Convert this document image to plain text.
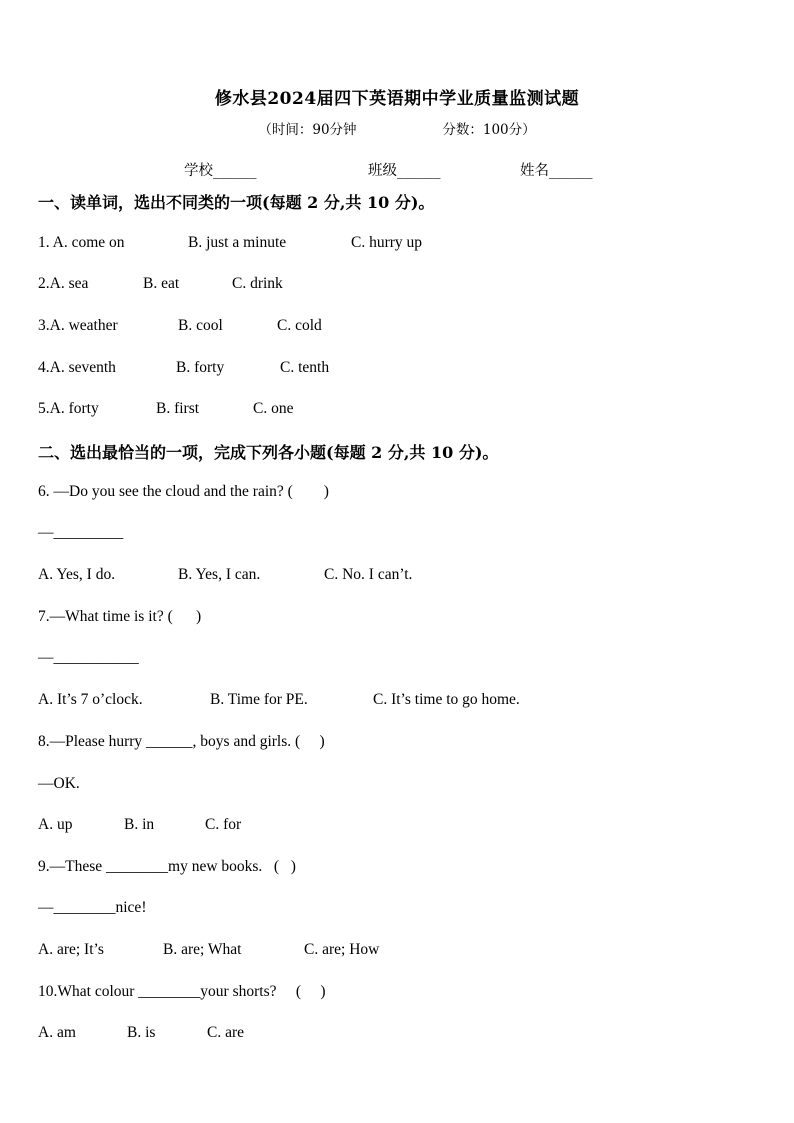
修水县2024届四下英语期中学业质量监测试题
（时间：90分钟                    分数：100分）
学校______	班级______	姓名______
一、读单词，选出不同类的一项(每题 2 分,共 10 分)。
1. A. come on	B. just a minute	C. hurry up
2.A. sea	B. eat	C. drink
3.A. weather	B. cool	C. cold
4.A. seventh	B. forty	C. tenth
5.A. forty	B. first	C. one
二、选出最恰当的一项，完成下列各小题(每题 2 分,共 10 分)。
6. —Do you see the cloud and the rain? (        )
—_________
A. Yes, I do.	B. Yes, I can.	C. No. I can’t.
7.—What time is it? (      )
—___________
A. It’s 7 o’clock.	B. Time for PE.	C. It’s time to go home.
8.—Please hurry ______, boys and girls. (     )
—OK.
A. up	B. in	C. for
9.—These ________my new books.   (   )
—________nice!
A. are; It’s	B. are; What	C. are; How
10.What colour ________your shorts?     (     )
A. am	B. is	C. are
